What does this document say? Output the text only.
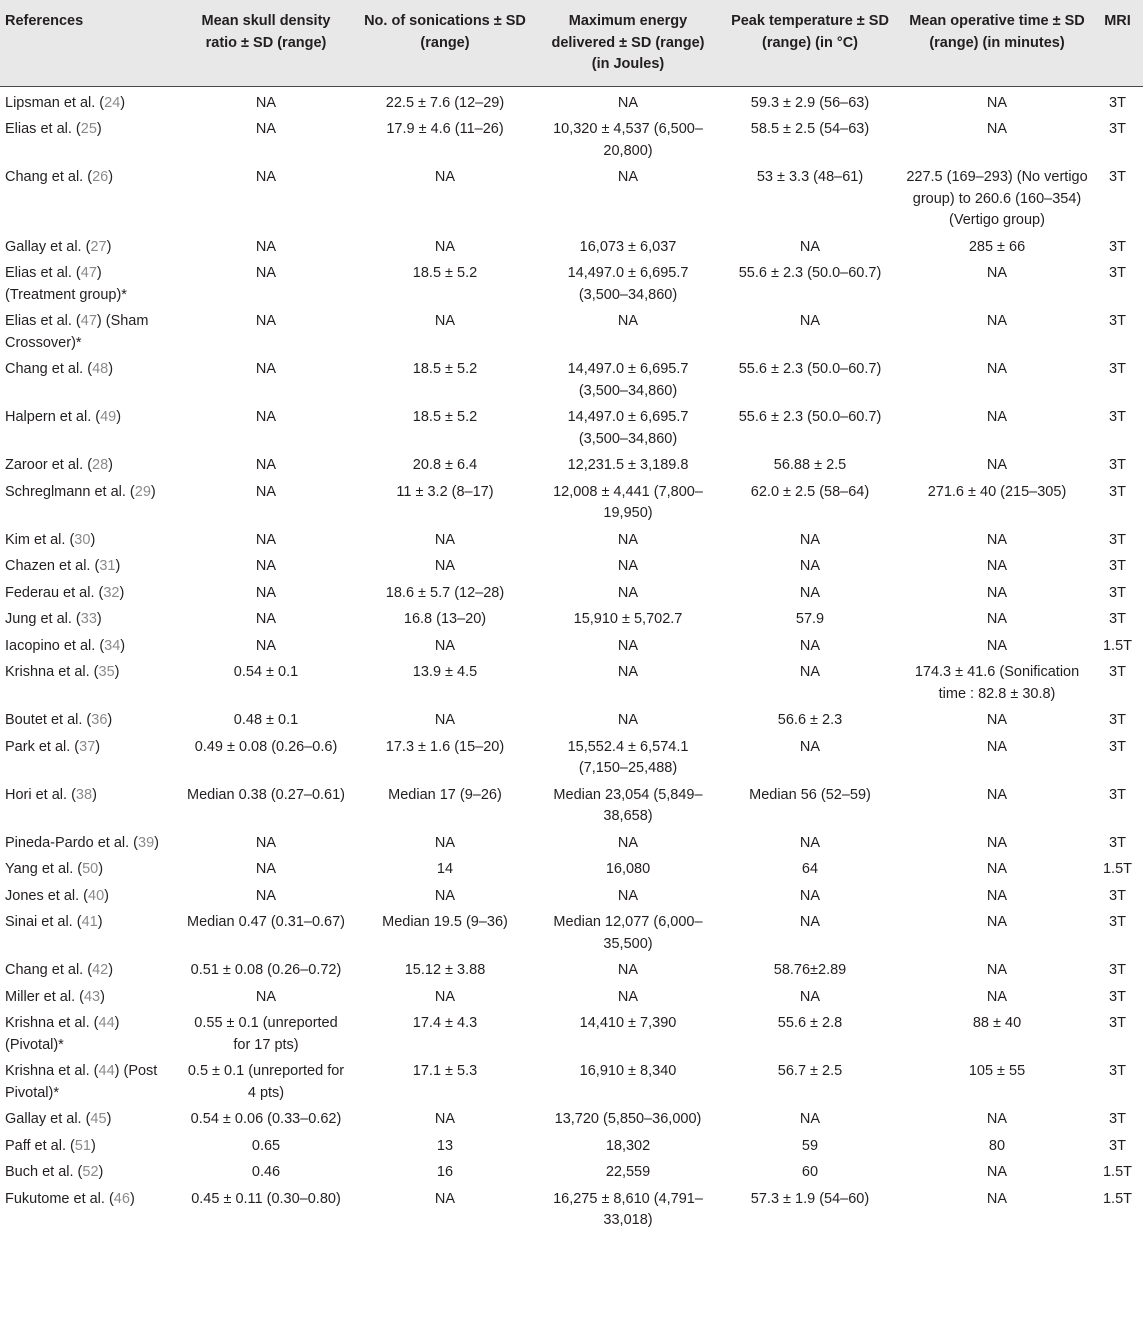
References	Mean skull density ratio ± SD (range)	No. of sonications ± SD (range)	Maximum energy delivered ± SD (range) (in Joules)	Peak temperature ± SD (range) (in °C)	Mean operative time ± SD (range) (in minutes)	MRI
Lipsman et al. (24)	NA	22.5 ± 7.6 (12–29)	NA	59.3 ± 2.9 (56–63)	NA	3T
Elias et al. (25)	NA	17.9 ± 4.6 (11–26)	10,320 ± 4,537 (6,500–20,800)	58.5 ± 2.5 (54–63)	NA	3T
Chang et al. (26)	NA	NA	NA	53 ± 3.3 (48–61)	227.5 (169–293) (No vertigo group) to 260.6 (160–354) (Vertigo group)	3T
Gallay et al. (27)	NA	NA	16,073 ± 6,037	NA	285 ± 66	3T
Elias et al. (47) (Treatment group)*	NA	18.5 ± 5.2	14,497.0 ± 6,695.7 (3,500–34,860)	55.6 ± 2.3 (50.0–60.7)	NA	3T
Elias et al. (47) (Sham Crossover)*	NA	NA	NA	NA	NA	3T
Chang et al. (48)	NA	18.5 ± 5.2	14,497.0 ± 6,695.7 (3,500–34,860)	55.6 ± 2.3 (50.0–60.7)	NA	3T
Halpern et al. (49)	NA	18.5 ± 5.2	14,497.0 ± 6,695.7 (3,500–34,860)	55.6 ± 2.3 (50.0–60.7)	NA	3T
Zaroor et al. (28)	NA	20.8 ± 6.4	12,231.5 ± 3,189.8	56.88 ± 2.5	NA	3T
Schreglmann et al. (29)	NA	11 ± 3.2 (8–17)	12,008 ± 4,441 (7,800–19,950)	62.0 ± 2.5 (58–64)	271.6 ± 40 (215–305)	3T
Kim et al. (30)	NA	NA	NA	NA	NA	3T
Chazen et al. (31)	NA	NA	NA	NA	NA	3T
Federau et al. (32)	NA	18.6 ± 5.7 (12–28)	NA	NA	NA	3T
Jung et al. (33)	NA	16.8 (13–20)	15,910 ± 5,702.7	57.9	NA	3T
Iacopino et al. (34)	NA	NA	NA	NA	NA	1.5T
Krishna et al. (35)	0.54 ± 0.1	13.9 ± 4.5	NA	NA	174.3 ± 41.6 (Sonification time : 82.8 ± 30.8)	3T
Boutet et al. (36)	0.48 ± 0.1	NA	NA	56.6 ± 2.3	NA	3T
Park et al. (37)	0.49 ± 0.08 (0.26–0.6)	17.3 ± 1.6 (15–20)	15,552.4 ± 6,574.1 (7,150–25,488)	NA	NA	3T
Hori et al. (38)	Median 0.38 (0.27–0.61)	Median 17 (9–26)	Median 23,054 (5,849–38,658)	Median 56 (52–59)	NA	3T
Pineda-Pardo et al. (39)	NA	NA	NA	NA	NA	3T
Yang et al. (50)	NA	14	16,080	64	NA	1.5T
Jones et al. (40)	NA	NA	NA	NA	NA	3T
Sinai et al. (41)	Median 0.47 (0.31–0.67)	Median 19.5 (9–36)	Median 12,077 (6,000–35,500)	NA	NA	3T
Chang et al. (42)	0.51 ± 0.08 (0.26–0.72)	15.12 ± 3.88	NA	58.76±2.89	NA	3T
Miller et al. (43)	NA	NA	NA	NA	NA	3T
Krishna et al. (44) (Pivotal)*	0.55 ± 0.1 (unreported for 17 pts)	17.4 ± 4.3	14,410 ± 7,390	55.6 ± 2.8	88 ± 40	3T
Krishna et al. (44) (Post Pivotal)*	0.5 ± 0.1 (unreported for 4 pts)	17.1 ± 5.3	16,910 ± 8,340	56.7 ± 2.5	105 ± 55	3T
Gallay et al. (45)	0.54 ± 0.06 (0.33–0.62)	NA	13,720 (5,850–36,000)	NA	NA	3T
Paff et al. (51)	0.65	13	18,302	59	80	3T
Buch et al. (52)	0.46	16	22,559	60	NA	1.5T
Fukutome et al. (46)	0.45 ± 0.11 (0.30–0.80)	NA	16,275 ± 8,610 (4,791–33,018)	57.3 ± 1.9 (54–60)	NA	1.5T
